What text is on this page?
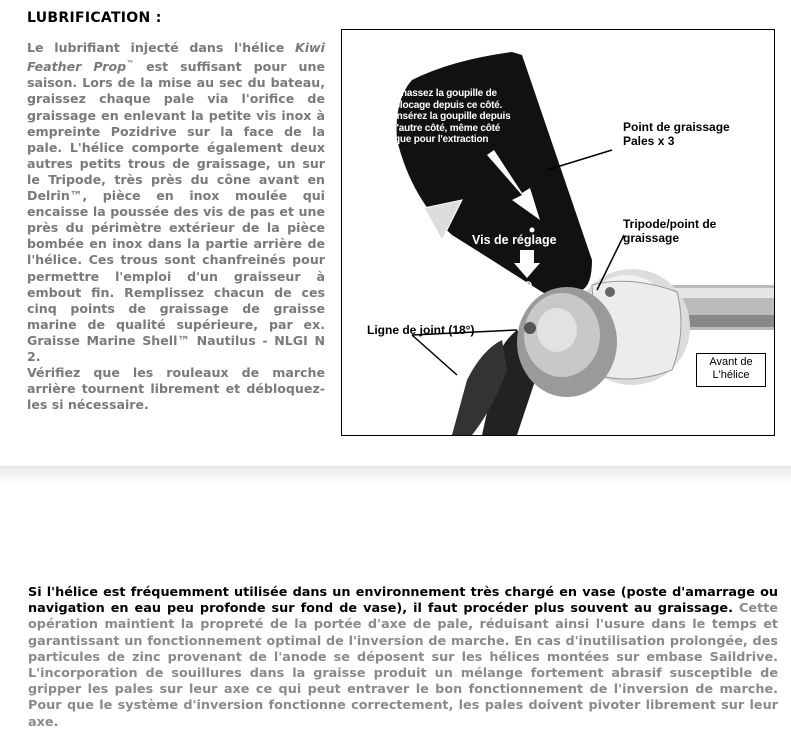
LUBRIFICATION :
Le lubrifiant injecté dans l'hélice Kiwi Feather Prop™ est suffisant pour une saison. Lors de la mise au sec du bateau, graissez chaque pale via l'orifice de graissage en enlevant la petite vis inox à empreinte Pozidrive sur la face de la pale. L'hélice comporte également deux autres petits trous de graissage, un sur le Tripode, très près du cône avant en Delrin™, pièce en inox moulée qui encaisse la poussée des vis de pas et une près du périmètre extérieur de la pièce bombée en inox dans la partie arrière de l'hélice. Ces trous sont chanfreinés pour permettre l'emploi d'un graisseur à embout fin. Remplissez chacun de ces cinq points de graissage de graisse marine de qualité supérieure, par ex. Graisse Marine Shell™ Nautilus - NLGI N 2.
Vérifiez que les rouleaux de marche arrière tournent librement et débloquez-les si nécessaire.
Chassez la goupille de blocage depuis ce côté. Insérez la goupille depuis l'autre côté, même côté que pour l'extraction
Point de graissage Pales x 3
Tripode/point de graissage
Vis de réglage
Ligne de joint (18°)
Avant de L'hélice
Si l'hélice est fréquemment utilisée dans un environnement très chargé en vase (poste d'amarrage ou navigation en eau peu profonde sur fond de vase), il faut procéder plus souvent au graissage. Cette opération maintient la propreté de la portée d'axe de pale, réduisant ainsi l'usure dans le temps et garantissant un fonctionnement optimal de l'inversion de marche. En cas d'inutilisation prolongée, des particules de zinc provenant de l'anode se déposent sur les hélices montées sur embase Saildrive. L'incorporation de souillures dans la graisse produit un mélange fortement abrasif susceptible de gripper les pales sur leur axe ce qui peut entraver le bon fonctionnement de l'inversion de marche. Pour que le système d'inversion fonctionne correctement, les pales doivent pivoter librement sur leur axe.
